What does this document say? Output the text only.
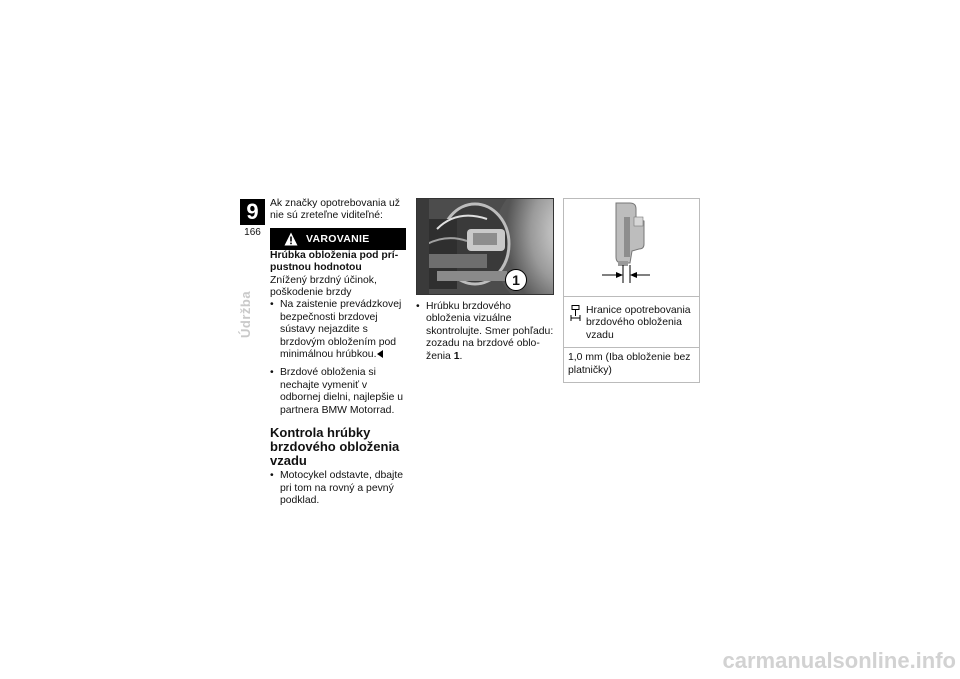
9
166
Údržba

Ak značky opotrebovania už nie sú zreteľne viditeľné:

VAROVANIE

Hrúbka obloženia pod prípustnou hodnotou

Znížený brzdný účinok, poškodenie brzdy

• Na zaistenie prevádzkovej bezpečnosti brzdovej sústavy nejazdite s brzdovým obložením pod minimálnou hrúbkou.
• Brzdové obloženia si nechajte vymeniť v odbornej dielni, najlepšie u partnera BMW Motorrad.
Kontrola hrúbky brzdového obloženia vzadu
• Motocykel odstavte, dbajte pri tom na rovný a pevný podklad.
1
• Hrúbku brzdového obloženia vizuálne skontrolujte. Smer pohľadu: zozadu na brzdové obloženia 1.
Hranice opotrebovania brzdového obloženia vzadu
1,0 mm (Iba obloženie bez platničky)
carmanualsonline.info
